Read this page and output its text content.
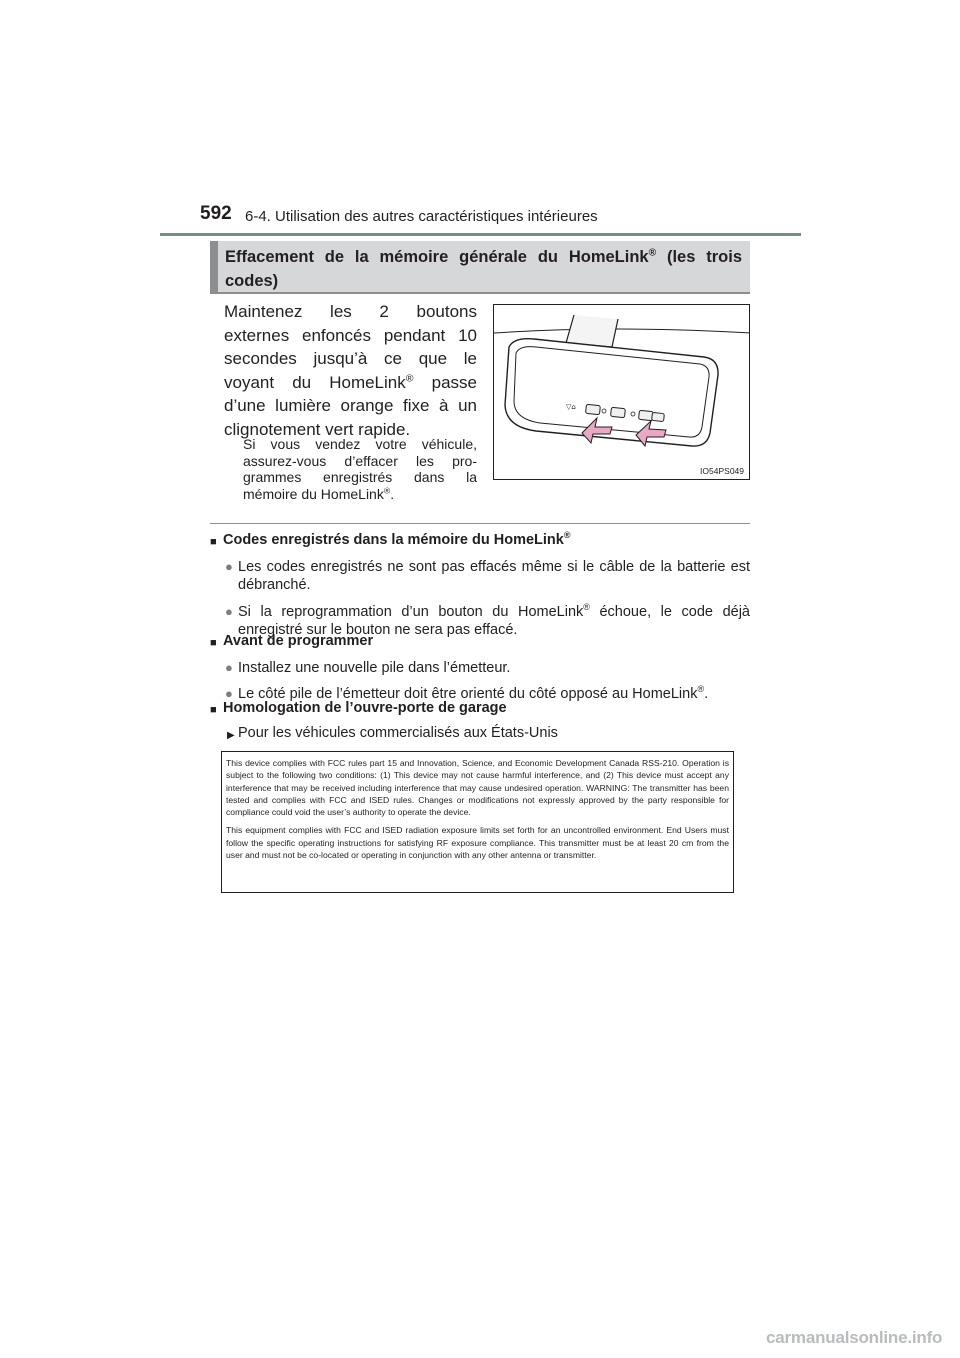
592 6-4. Utilisation des autres caractéristiques intérieures
Effacement de la mémoire générale du HomeLink® (les trois codes)
Maintenez les 2 boutons externes enfoncés pendant 10 secondes jusqu’à ce que le voyant du HomeLink® passe d’une lumière orange fixe à un clignotement vert rapide.
Si vous vendez votre véhicule, assurez-vous d’effacer les pro-grammes enregistrés dans la mémoire du HomeLink®.
▽⌂
IO54PS049
■ Codes enregistrés dans la mémoire du HomeLink®
● Les codes enregistrés ne sont pas effacés même si le câble de la batterie est débranché.
● Si la reprogrammation d’un bouton du HomeLink® échoue, le code déjà enregistré sur le bouton ne sera pas effacé.
■ Avant de programmer
● Installez une nouvelle pile dans l’émetteur.
● Le côté pile de l’émetteur doit être orienté du côté opposé au HomeLink®.
■ Homologation de l’ouvre-porte de garage
▶ Pour les véhicules commercialisés aux États-Unis

This device complies with FCC rules part 15 and Innovation, Science, and Economic Development Canada RSS-210. Operation is subject to the following two conditions: (1) This device may not cause harmful interference, and (2) This device must accept any interference that may be received including interference that may cause undesired operation. WARNING: The transmitter has been tested and complies with FCC and ISED rules. Changes or modifications not expressly approved by the party responsible for compliance could void the user’s authority to operate the device.

This equipment complies with FCC and ISED radiation exposure limits set forth for an uncontrolled environment. End Users must follow the specific operating instructions for satisfying RF exposure compliance. This transmitter must be at least 20 cm from the user and must not be co-located or operating in conjunction with any other antenna or transmitter.

carmanualsonline.info
